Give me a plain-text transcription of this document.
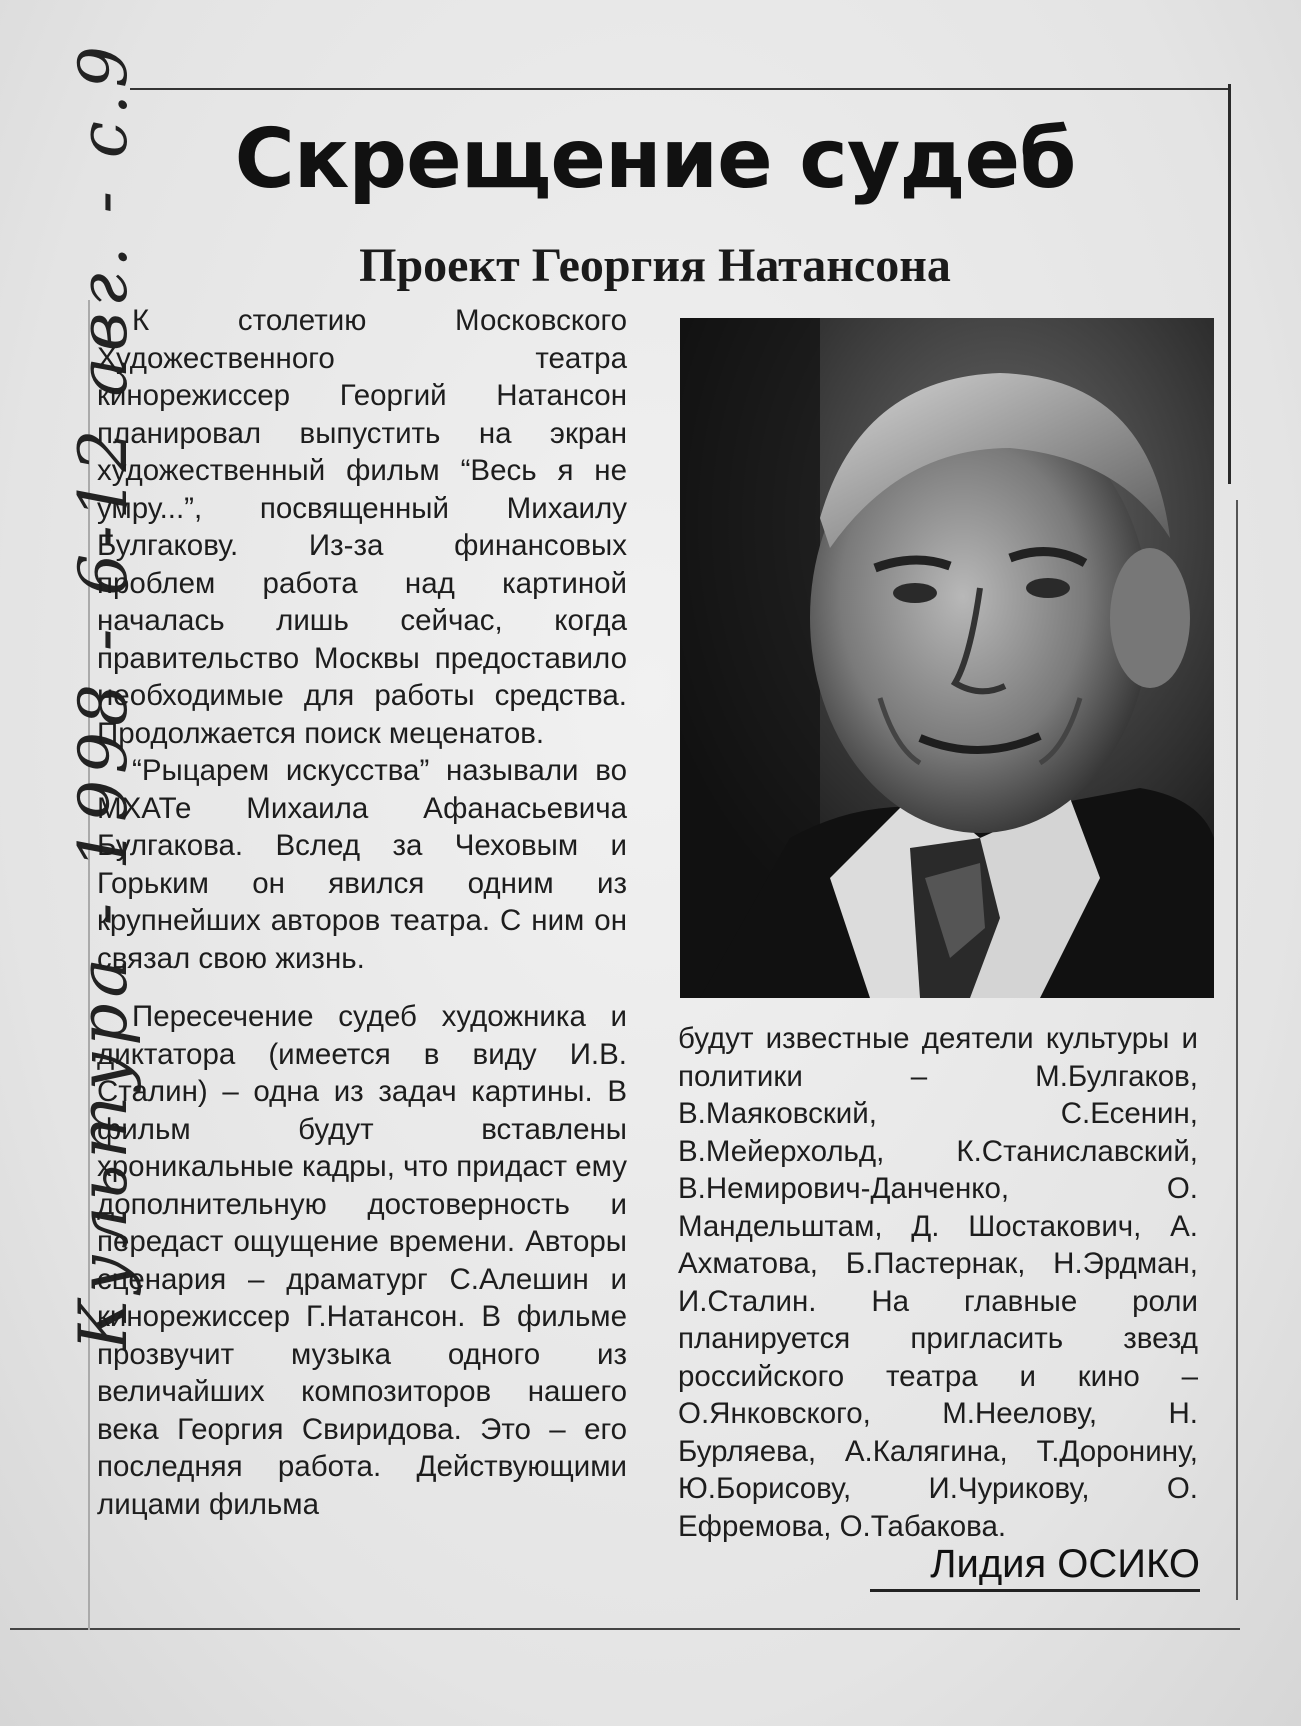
Культура - 1998 - 6-12 авг. - с.9	Скрещение судеб
Проект Георгия Натансона

К столетию Московского Художественного театра кинорежиссер Георгий Натансон планировал выпустить на экран художественный фильм “Весь я не умру...”, посвященный Михаилу Булгакову. Из-за финансовых проблем работа над картиной началась лишь сейчас, когда правительство Москвы предоставило необходимые для работы средства. Продолжается поиск меценатов.

“Рыцарем искусства” называли во МХАТе Михаила Афанасьевича Булгакова. Вслед за Чеховым и Горьким он явился одним из крупнейших авторов театра. С ним он связал свою жизнь.

Пересечение судеб художника и диктатора (имеется в виду И.В. Сталин) – одна из задач картины. В фильм будут вставлены хроникальные кадры, что придаст ему дополнительную достоверность и передаст ощущение времени. Авторы сценария – драматург С.Алешин и кинорежиссер Г.Натансон. В фильме прозвучит музыка одного из величайших композиторов нашего века Георгия Свиридова. Это – его последняя работа. Действующими лицами фильма

будут известные деятели культуры и политики – М.Булгаков, В.Маяковский, С.Есенин, В.Мейерхольд, К.Станиславский, В.Немирович-Данченко, О. Мандельштам, Д. Шостакович, А. Ахматова, Б.Пастернак, Н.Эрдман, И.Сталин. На главные роли планируется пригласить звезд российского театра и кино – О.Янковского, М.Неелову, Н. Бурляева, А.Калягина, Т.Доронину, Ю.Борисову, И.Чурикову, О. Ефремова, О.Табакова.

Лидия ОСИКО
